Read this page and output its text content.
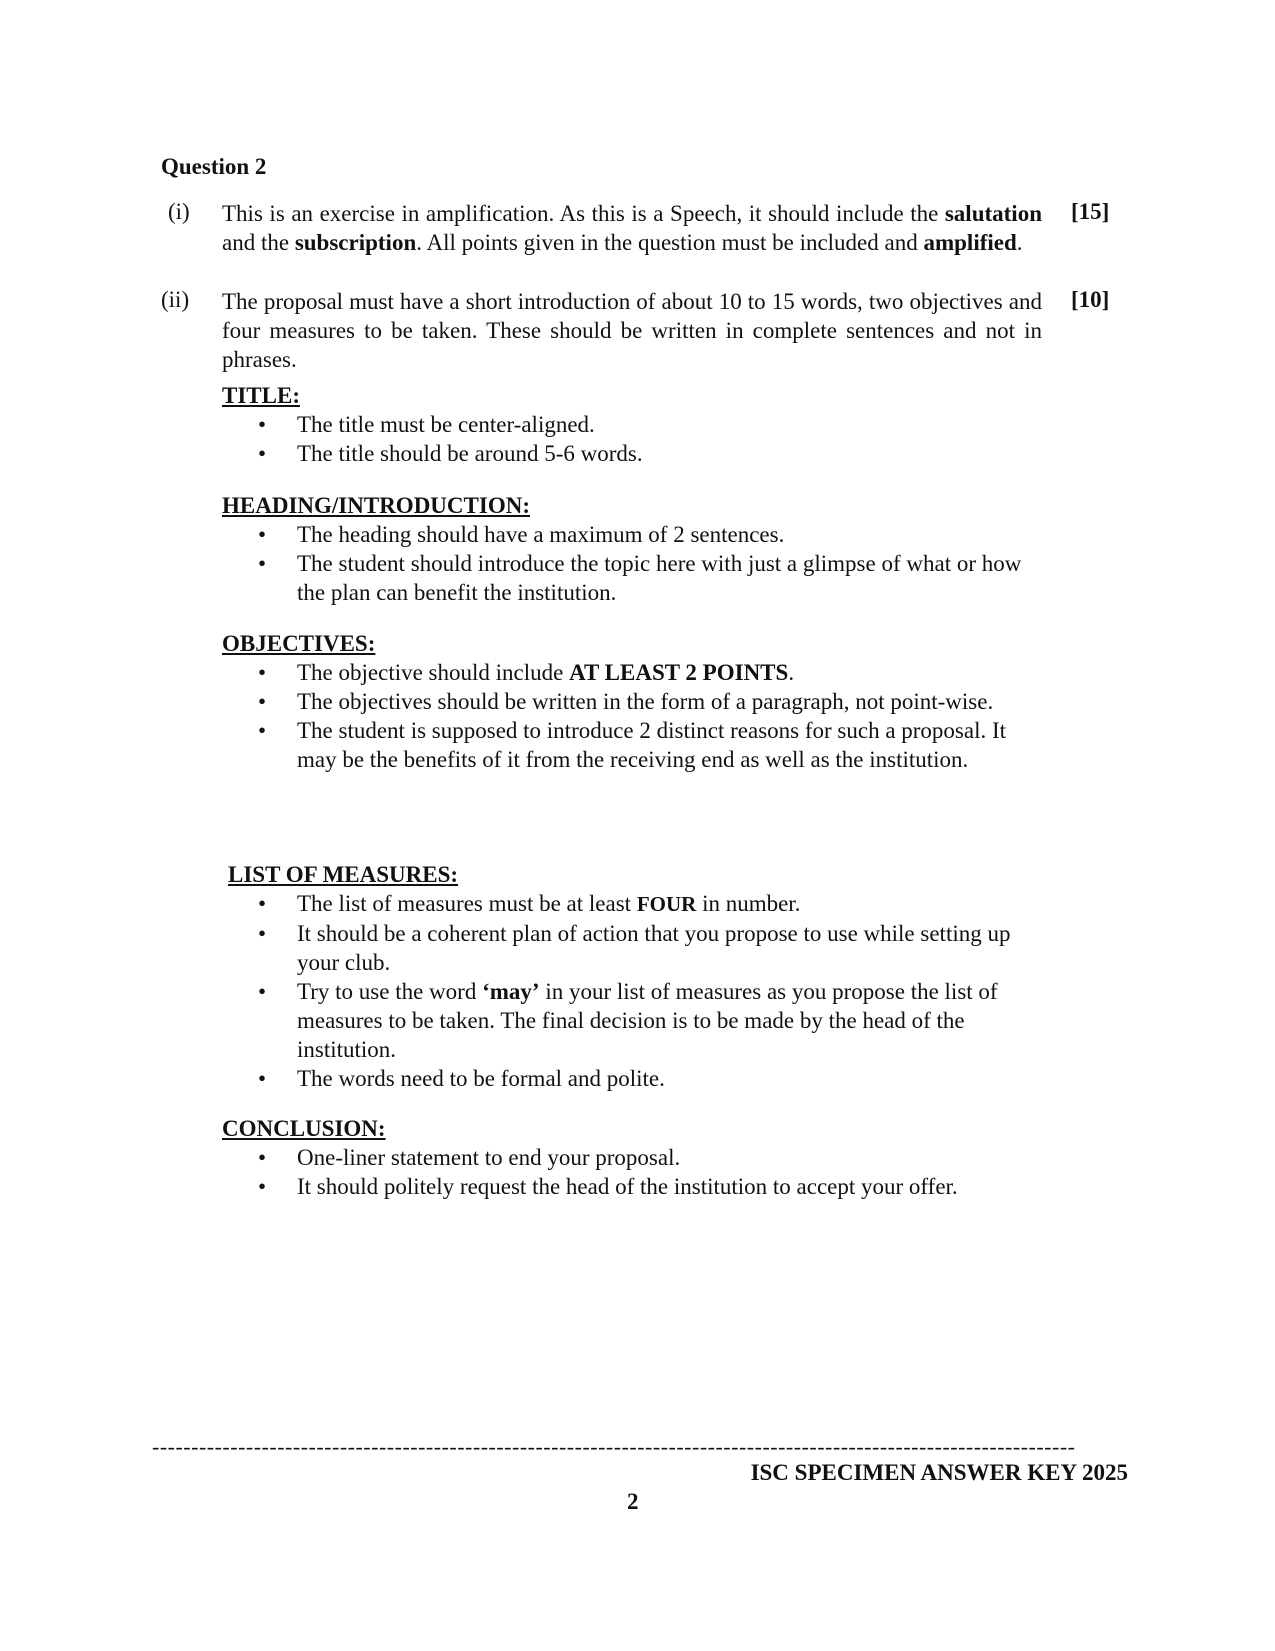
Question 2
(i)	This is an exercise in amplification. As this is a Speech, it should include the salutation and the subscription. All points given in the question must be included and amplified.
[15]
(ii)	The proposal must have a short introduction of about 10 to 15 words, two objectives and four measures to be taken. These should be written in complete sentences and not in phrases.
[10]
TITLE:
• The title must be center-aligned.
• The title should be around 5-6 words.
HEADING/INTRODUCTION:
• The heading should have a maximum of 2 sentences.
• The student should introduce the topic here with just a glimpse of what or how the plan can benefit the institution.
OBJECTIVES:
• The objective should include AT LEAST 2 POINTS.
• The objectives should be written in the form of a paragraph, not point-wise.
• The student is supposed to introduce 2 distinct reasons for such a proposal. It may be the benefits of it from the receiving end as well as the institution.
LIST OF MEASURES:
• The list of measures must be at least FOUR in number.
• It should be a coherent plan of action that you propose to use while setting up your club.
• Try to use the word ‘may’ in your list of measures as you propose the list of measures to be taken. The final decision is to be made by the head of the institution.
• The words need to be formal and polite.
CONCLUSION:
• One-liner statement to end your proposal.
• It should politely request the head of the institution to accept your offer.
----------------------------------------------------------------------------------------------------------------------
ISC SPECIMEN ANSWER KEY 2025
2
